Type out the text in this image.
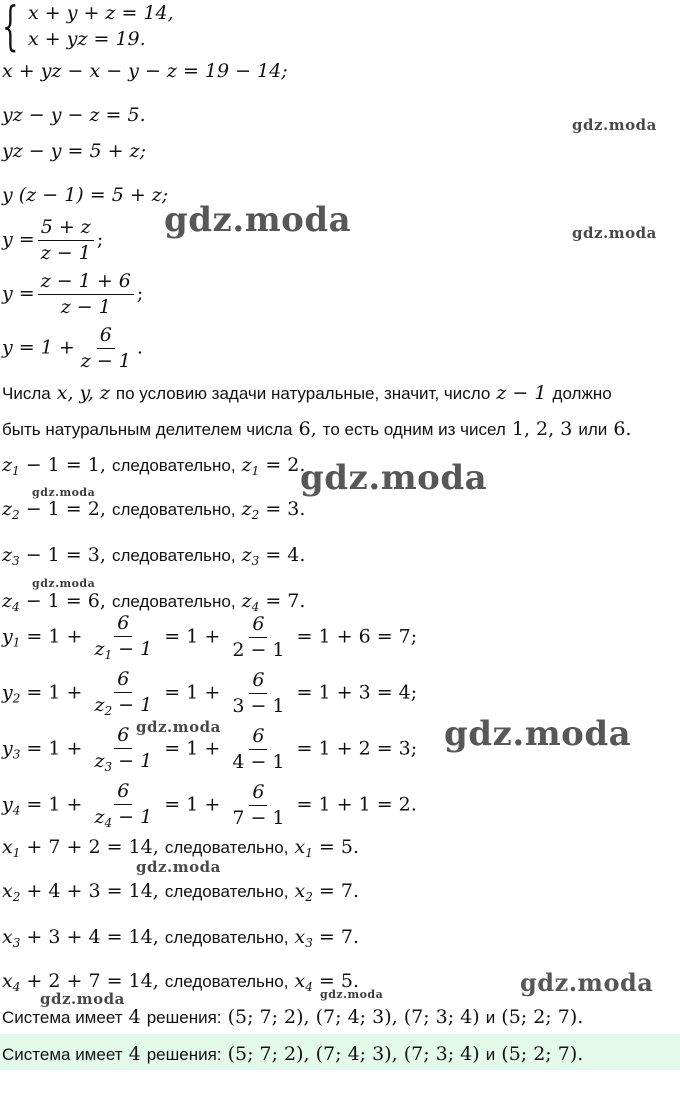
{ x + y + z = 14,
x + yz = 19.
x + yz − x − y − z = 19 − 14;
yz − y − z = 5.
yz − y = 5 + z;
y (z − 1) = 5 + z;
$y = \frac{5 + z}{z - 1}$ ;
$y = \frac{z - 1 + 6}{z - 1}$ ;
$y = 1 + \frac{6}{z - 1}$ .
Числа x, y, z по условию задачи натуральные, значит, число z − 1 должно
быть натуральным делителем числа 6, то есть одним из чисел 1, 2, 3 или 6.
$z_1 - 1 = 1$, следовательно, $z_1 = 2$.
$z_2 - 1 = 2$, следовательно, $z_2 = 3$.
$z_3 - 1 = 3$, следовательно, $z_3 = 4$.
$z_4 - 1 = 6$, следовательно, $z_4 = 7$.
$y_1 = 1 + \frac{6}{z_1 - 1} = 1 + \frac{6}{2 - 1} = 1 + 6 = 7$;
$y_2 = 1 + \frac{6}{z_2 - 1} = 1 + \frac{6}{3 - 1} = 1 + 3 = 4$;
$y_3 = 1 + \frac{6}{z_3 - 1} = 1 + \frac{6}{4 - 1} = 1 + 2 = 3$;
$y_4 = 1 + \frac{6}{z_4 - 1} = 1 + \frac{6}{7 - 1} = 1 + 1 = 2$.
$x_1 + 7 + 2 = 14$, следовательно, $x_1 = 5$.
$x_2 + 4 + 3 = 14$, следовательно, $x_2 = 7$.
$x_3 + 3 + 4 = 14$, следовательно, $x_3 = 7$.
$x_4 + 2 + 7 = 14$, следовательно, $x_4 = 5$.
Система имеет 4 решения: (5; 7; 2), (7; 4; 3), (7; 3; 4) и (5; 2; 7).
Система имеет 4 решения: (5; 7; 2), (7; 4; 3), (7; 3; 4) и (5; 2; 7).
gdz.moda
gdz.moda	gdz.moda
gdz.moda
gdz.moda
gdz.moda
gdz.moda	gdz.moda
gdz.moda
gdz.moda
gdz.moda	gdz.moda
